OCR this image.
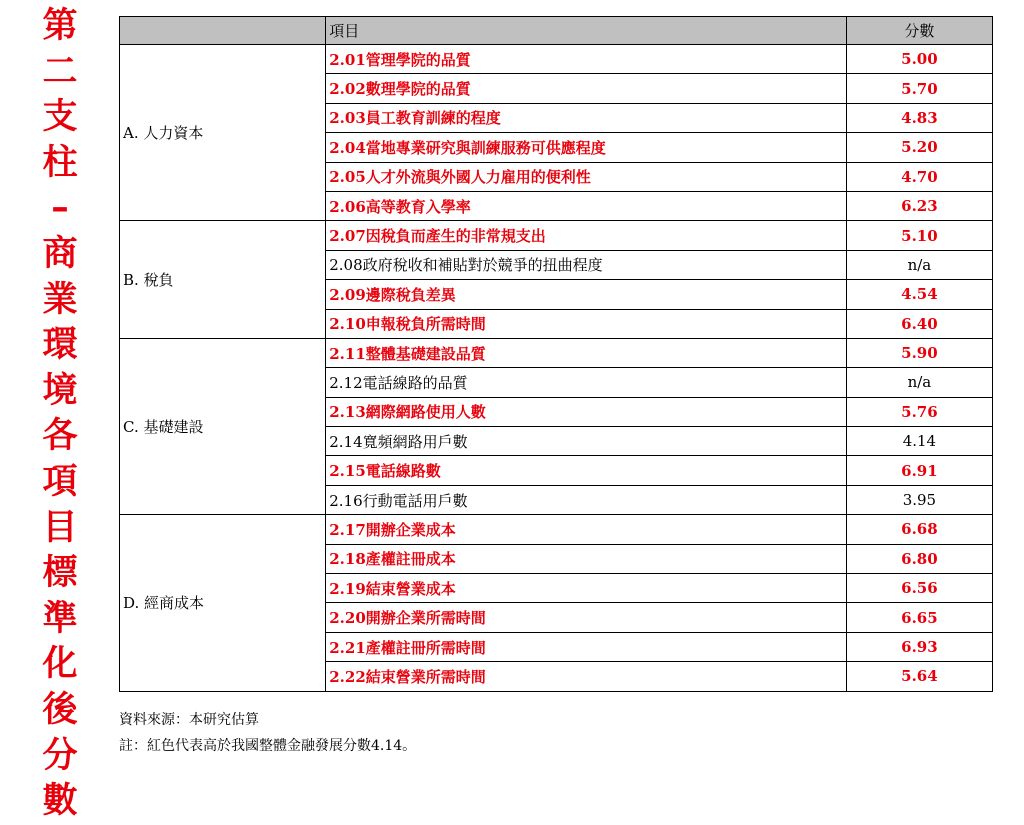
第
二
支
柱
–
商
業
環
境
各
項
目
標
準
化
後
分
數
	項目	分數
A. 人力資本	2.01管理學院的品質	5.00
	2.02數理學院的品質	5.70
	2.03員工教育訓練的程度	4.83
	2.04當地專業研究與訓練服務可供應程度	5.20
	2.05人才外流與外國人力雇用的便利性	4.70
	2.06高等教育入學率	6.23
B. 稅負	2.07因稅負而產生的非常規支出	5.10
	2.08政府稅收和補貼對於競爭的扭曲程度	n/a
	2.09邊際稅負差異	4.54
	2.10申報稅負所需時間	6.40
C. 基礎建設	2.11整體基礎建設品質	5.90
	2.12電話線路的品質	n/a
	2.13網際網路使用人數	5.76
	2.14寬頻網路用戶數	4.14
	2.15電話線路數	6.91
	2.16行動電話用戶數	3.95
D. 經商成本	2.17開辦企業成本	6.68
	2.18產權註冊成本	6.80
	2.19結束營業成本	6.56
	2.20開辦企業所需時間	6.65
	2.21產權註冊所需時間	6.93
	2.22結束營業所需時間	5.64
資料來源：本研究估算
註：紅色代表高於我國整體金融發展分數4.14。
